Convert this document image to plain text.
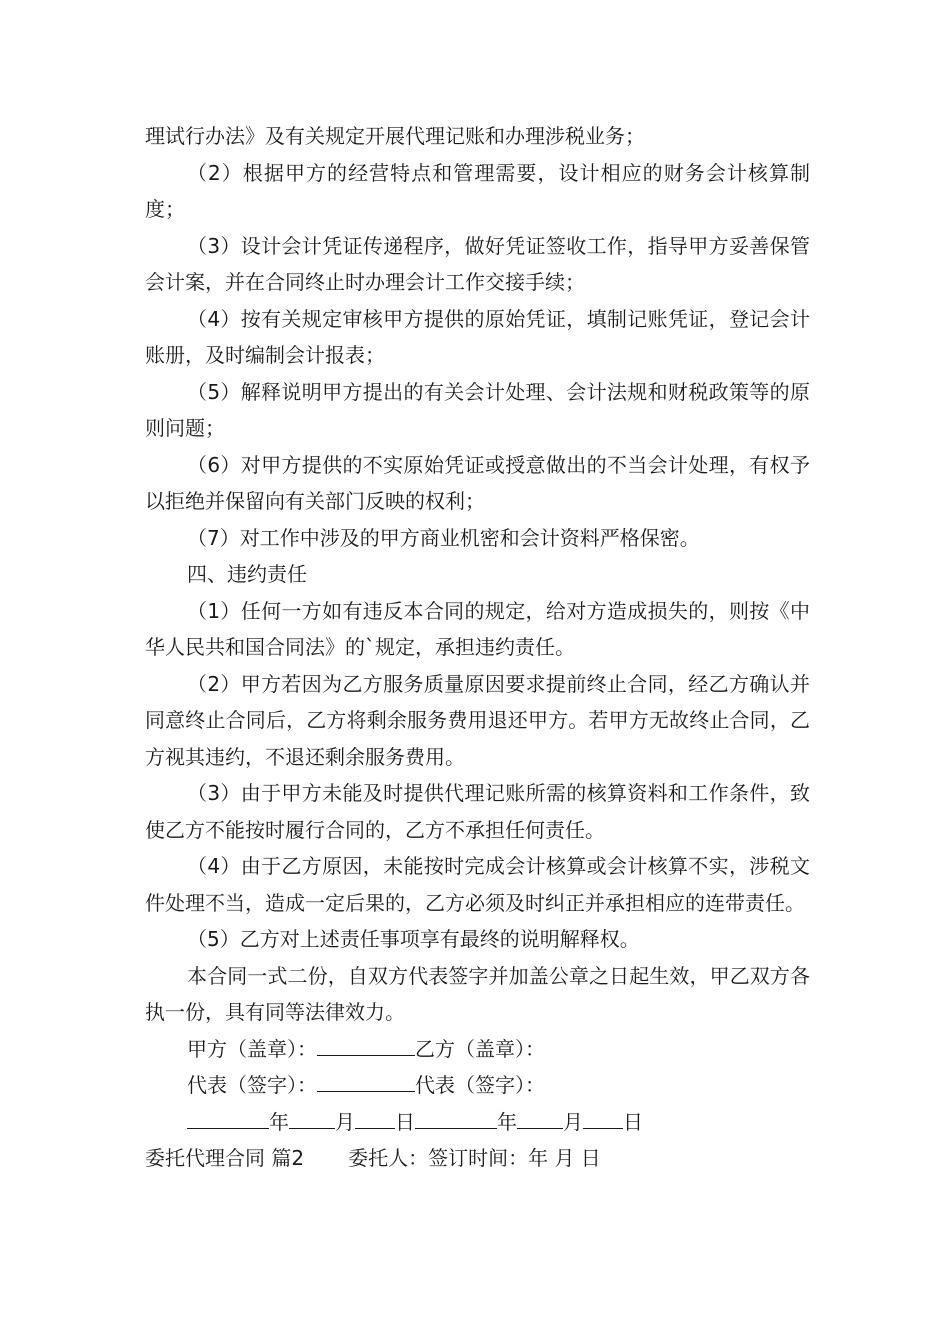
理试行办法》及有关规定开展代理记账和办理涉税业务；

（2）根据甲方的经营特点和管理需要，设计相应的财务会计核算制度；

（3）设计会计凭证传递程序，做好凭证签收工作，指导甲方妥善保管会计案，并在合同终止时办理会计工作交接手续；

（4）按有关规定审核甲方提供的原始凭证，填制记账凭证，登记会计账册，及时编制会计报表；

（5）解释说明甲方提出的有关会计处理、会计法规和财税政策等的原则问题；

（6）对甲方提供的不实原始凭证或授意做出的不当会计处理，有权予以拒绝并保留向有关部门反映的权利；

（7）对工作中涉及的甲方商业机密和会计资料严格保密。

四、违约责任

（1）任何一方如有违反本合同的规定，给对方造成损失的，则按《中华人民共和国合同法》的`规定，承担违约责任。

（2）甲方若因为乙方服务质量原因要求提前终止合同，经乙方确认并同意终止合同后，乙方将剩余服务费用退还甲方。若甲方无故终止合同，乙方视其违约，不退还剩余服务费用。

（3）由于甲方未能及时提供代理记账所需的核算资料和工作条件，致使乙方不能按时履行合同的，乙方不承担任何责任。

（4）由于乙方原因，未能按时完成会计核算或会计核算不实，涉税文件处理不当，造成一定后果的，乙方必须及时纠正并承担相应的连带责任。

（5）乙方对上述责任事项享有最终的说明解释权。

本合同一式二份，自双方代表签字并加盖公章之日起生效，甲乙双方各执一份，具有同等法律效力。

甲方（盖章）：	乙方（盖章）：

代表（签字）：	代表（签字）：

年 月 日	年 月 日

委托代理合同 篇2 委托人：签订时间：年 月 日
